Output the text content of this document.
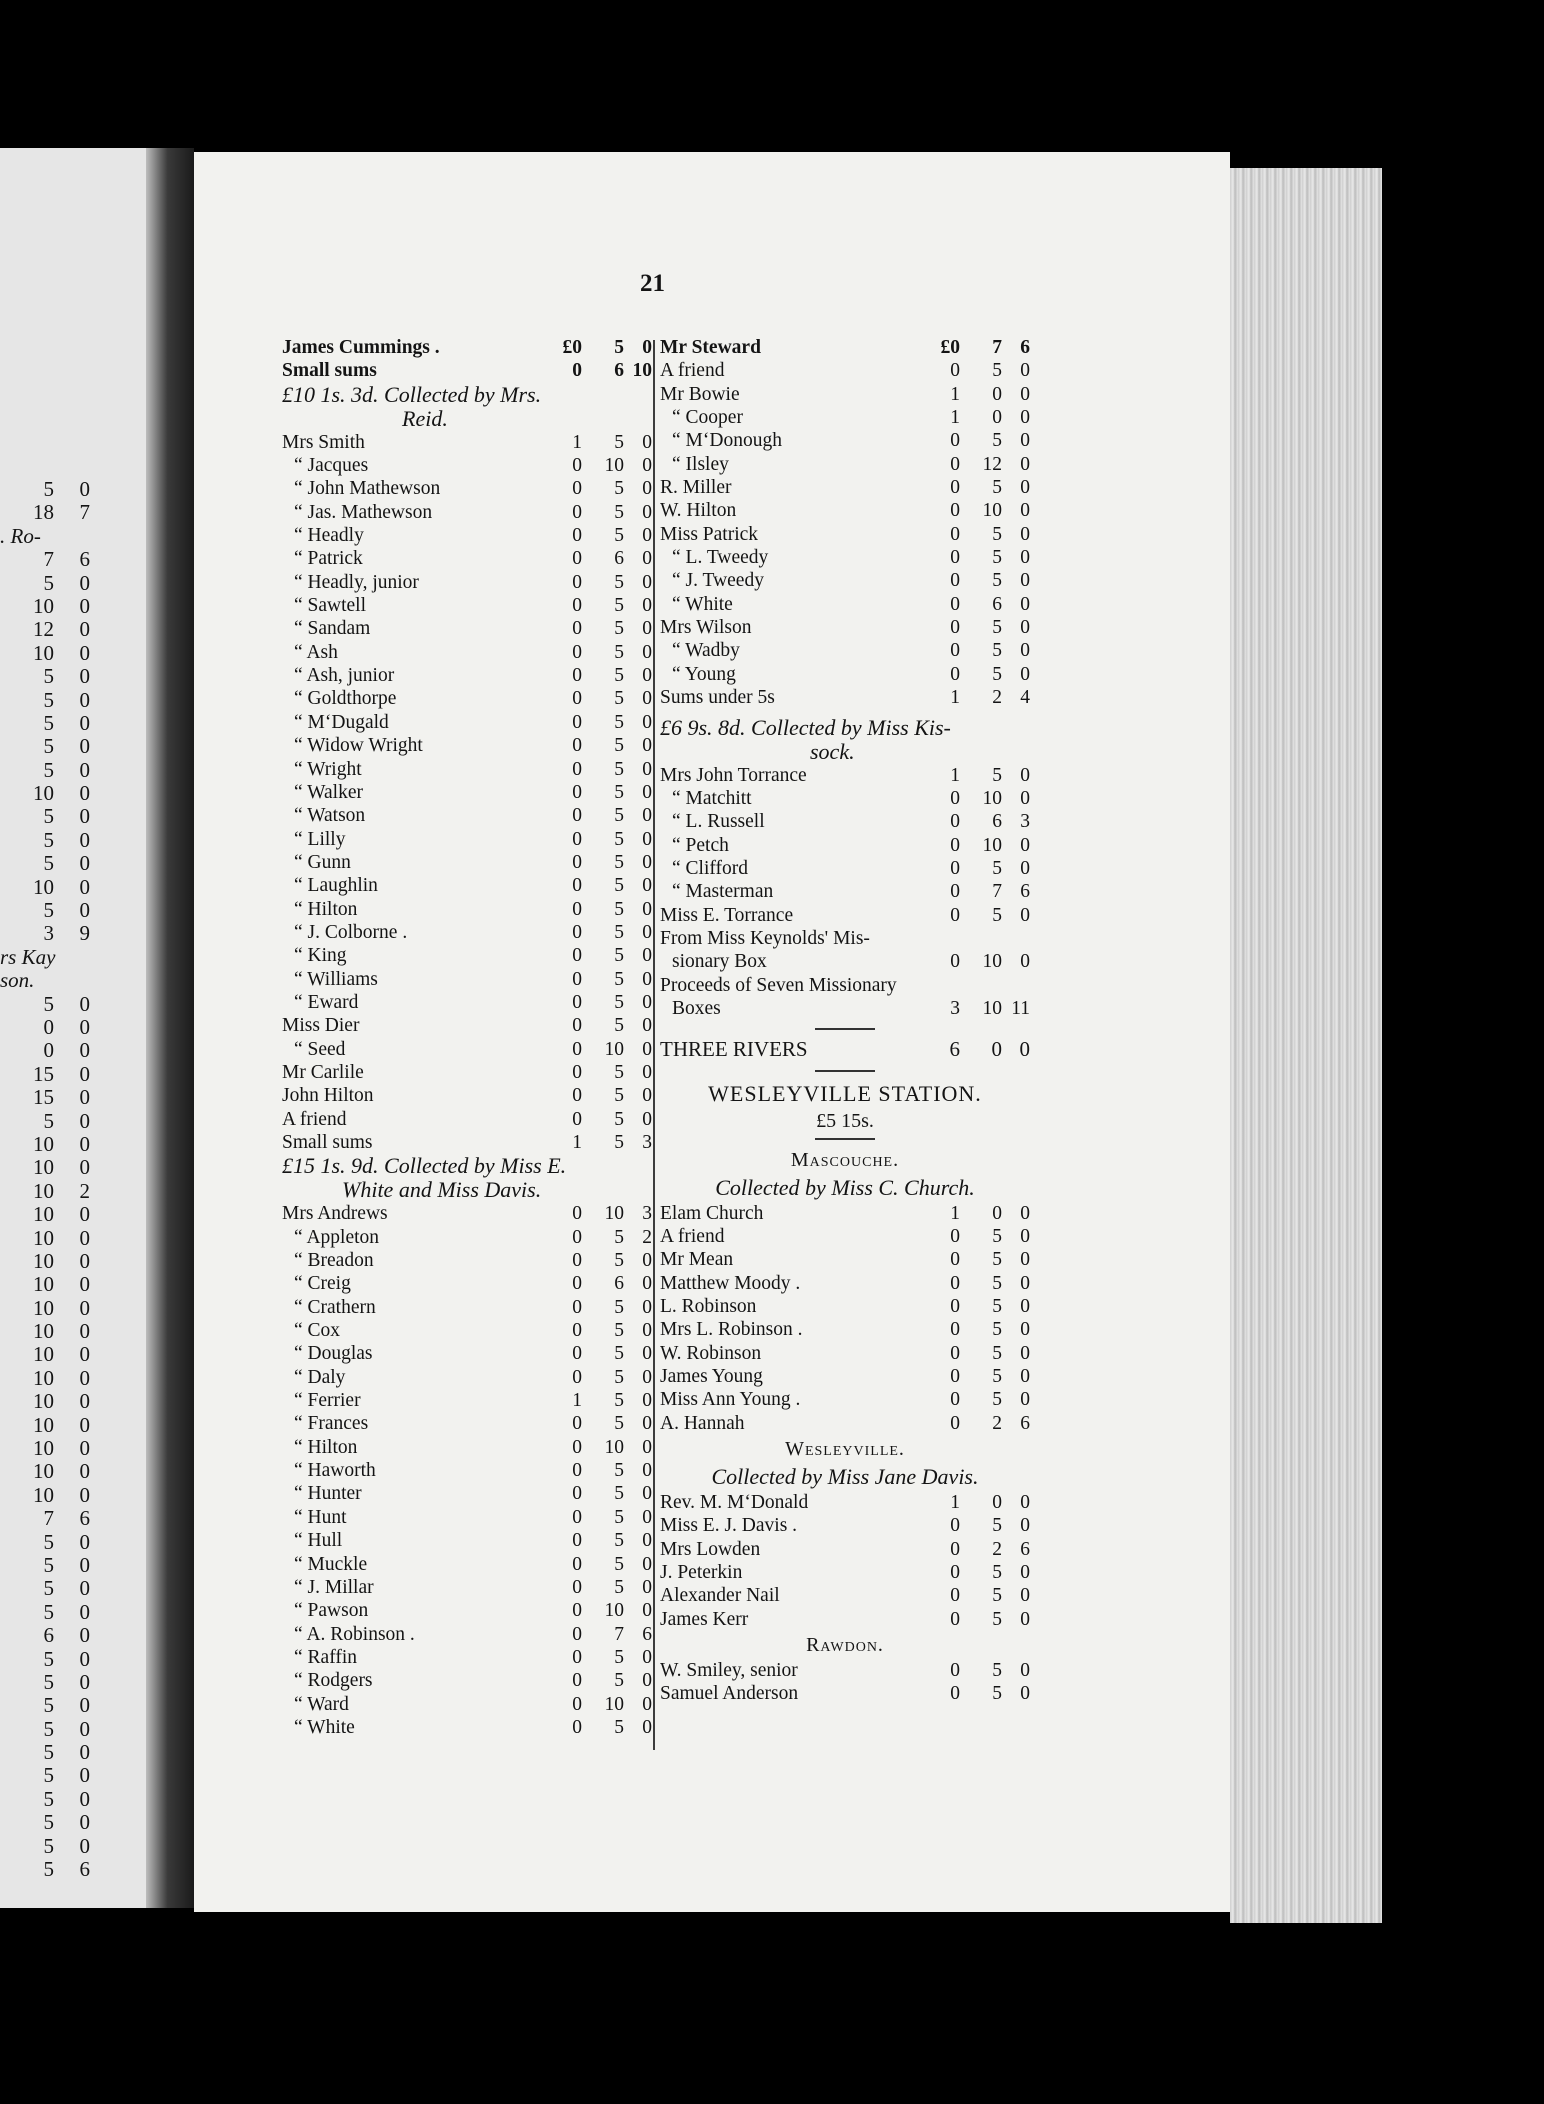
5 0
18 7
. Ro-
7 6
5 0
10 0
12 0
10 0
5 0
5 0
5 0
5 0
5 0
10 0
5 0
5 0
5 0
10 0
5 0
3 9
rs Kay
son.
5 0
0 0
0 0
15 0
15 0
5 0
10 0
10 0
10 2
10 0
10 0
10 0
10 0
10 0
10 0
10 0
10 0
10 0
10 0
10 0
10 0
10 0
7 6
5 0
5 0
5 0
5 0
6 0
5 0
5 0
5 0
5 0
5 0
5 0
5 0
5 0
5 0
5 6
21
James Cummings .	£0	5 0
Small sums	0	6 10
£10 1s. 3d. Collected by Mrs.
Reid.
Mrs Smith	1	5 0
“ Jacques	0	10 0
“ John Mathewson	0	5 0
“ Jas. Mathewson	0	5 0
“ Headly	0	5 0
“ Patrick	0	6 0
“ Headly, junior	0	5 0
“ Sawtell	0	5 0
“ Sandam	0	5 0
“ Ash	0	5 0
“ Ash, junior	0	5 0
“ Goldthorpe	0	5 0
“ M‘Dugald	0	5 0
“ Widow Wright	0	5 0
“ Wright	0	5 0
“ Walker	0	5 0
“ Watson	0	5 0
“ Lilly	0	5 0
“ Gunn	0	5 0
“ Laughlin	0	5 0
“ Hilton	0	5 0
“ J. Colborne .	0	5 0
“ King	0	5 0
“ Williams	0	5 0
“ Eward	0	5 0
Miss Dier	0	5 0
“ Seed	0	10 0
Mr Carlile	0	5 0
John Hilton	0	5 0
A friend	0	5 0
Small sums	1	5 3
£15 1s. 9d. Collected by Miss E.
White and Miss Davis.
Mrs Andrews	0	10 3
“ Appleton	0	5 2
“ Breadon	0	5 0
“ Creig	0	6 0
“ Crathern	0	5 0
“ Cox	0	5 0
“ Douglas	0	5 0
“ Daly	0	5 0
“ Ferrier	1	5 0
“ Frances	0	5 0
“ Hilton	0	10 0
“ Haworth	0	5 0
“ Hunter	0	5 0
“ Hunt	0	5 0
“ Hull	0	5 0
“ Muckle	0	5 0
“ J. Millar	0	5 0
“ Pawson	0	10 0
“ A. Robinson .	0	7 6
“ Raffin	0	5 0
“ Rodgers	0	5 0
“ Ward	0	10 0
“ White	0	5 0
Mr Steward	£0	7 6
A friend	0	5 0
Mr Bowie	1	0 0
“ Cooper	1	0 0
“ M‘Donough	0	5 0
“ Ilsley	0	12 0
R. Miller	0	5 0
W. Hilton	0	10 0
Miss Patrick	0	5 0
“ L. Tweedy	0	5 0
“ J. Tweedy	0	5 0
“ White	0	6 0
Mrs Wilson	0	5 0
“ Wadby	0	5 0
“ Young	0	5 0
Sums under 5s	1	2 4
£6 9s. 8d. Collected by Miss Kis-
sock.
Mrs John Torrance	1	5 0
“ Matchitt	0	10 0
“ L. Russell	0	6 3
“ Petch	0	10 0
“ Clifford	0	5 0
“ Masterman	0	7 6
Miss E. Torrance	0	5 0
From Miss Keynolds' Mis-
sionary Box	0	10 0
Proceeds of Seven Missionary
Boxes	3	10 11
THREE RIVERS	6	0 0
WESLEYVILLE STATION.
£5 15s.
Mascouche.
Collected by Miss C. Church.
Elam Church	1	0 0
A friend	0	5 0
Mr Mean	0	5 0
Matthew Moody .	0	5 0
L. Robinson	0	5 0
Mrs L. Robinson .	0	5 0
W. Robinson	0	5 0
James Young	0	5 0
Miss Ann Young .	0	5 0
A. Hannah	0	2 6
Wesleyville.
Collected by Miss Jane Davis.
Rev. M. M‘Donald	1	0 0
Miss E. J. Davis .	0	5 0
Mrs Lowden	0	2 6
J. Peterkin	0	5 0
Alexander Nail	0	5 0
James Kerr	0	5 0
Rawdon.
W. Smiley, senior	0	5 0
Samuel Anderson	0	5 0
